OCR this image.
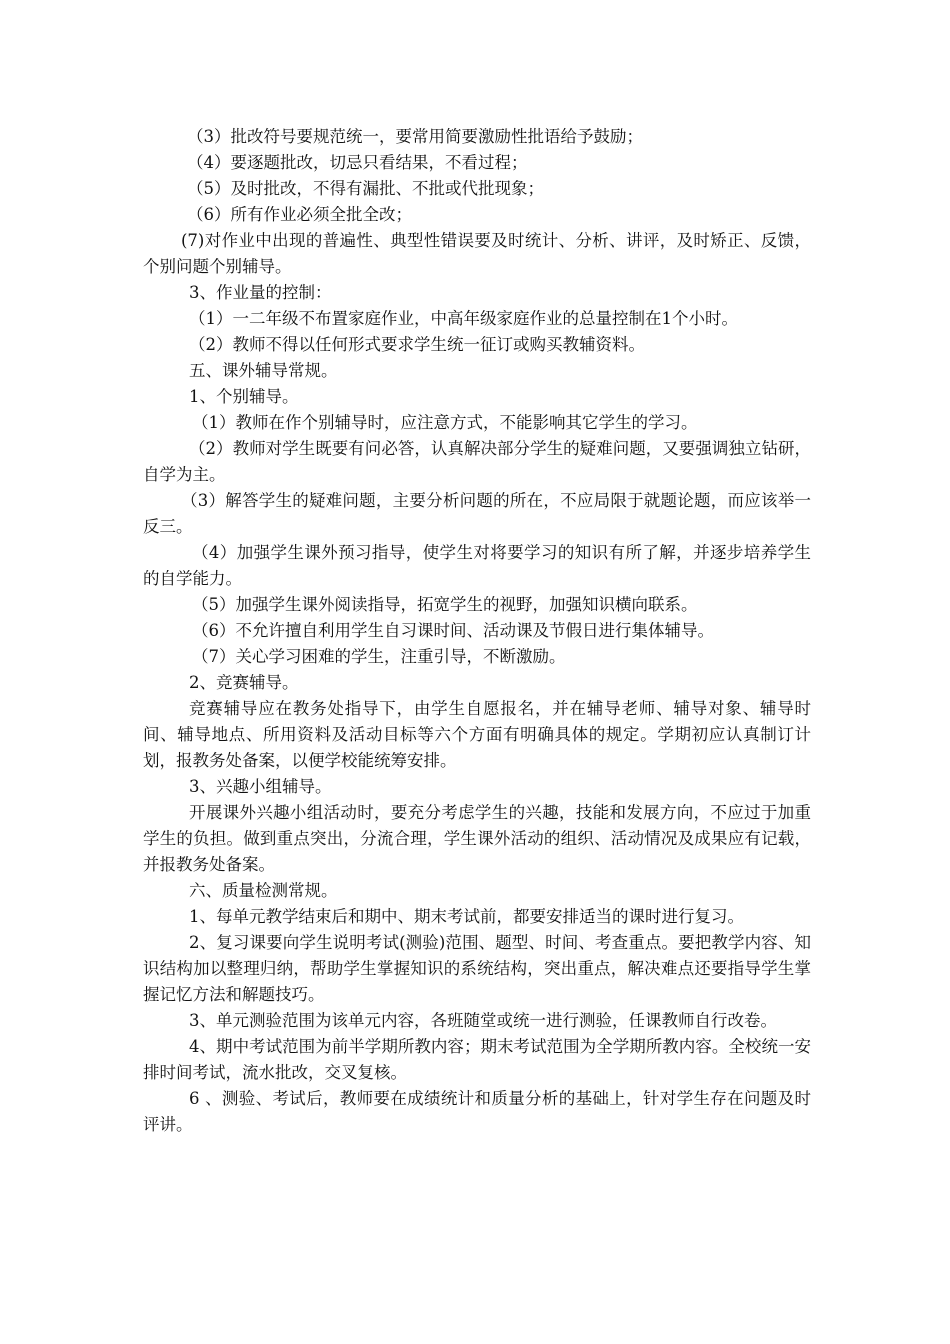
（3）批改符号要规范统一，要常用简要激励性批语给予鼓励；

（4）要逐题批改，切忌只看结果，不看过程；

（5）及时批改，不得有漏批、不批或代批现象；

（6）所有作业必须全批全改；

(7)对作业中出现的普遍性、典型性错误要及时统计、分析、讲评，及时矫正、反馈，个别问题个别辅导。

3、作业量的控制：

（1）一二年级不布置家庭作业，中高年级家庭作业的总量控制在1个小时。

（2）教师不得以任何形式要求学生统一征订或购买教辅资料。

五、课外辅导常规。

1、个别辅导。

（1）教师在作个别辅导时，应注意方式，不能影响其它学生的学习。

（2）教师对学生既要有问必答，认真解决部分学生的疑难问题，又要强调独立钻研，自学为主。

（3）解答学生的疑难问题，主要分析问题的所在，不应局限于就题论题，而应该举一反三。

（4）加强学生课外预习指导，使学生对将要学习的知识有所了解，并逐步培养学生的自学能力。

（5）加强学生课外阅读指导，拓宽学生的视野，加强知识横向联系。

（6）不允许擅自利用学生自习课时间、活动课及节假日进行集体辅导。

（7）关心学习困难的学生，注重引导，不断激励。

2、竞赛辅导。

竞赛辅导应在教务处指导下，由学生自愿报名，并在辅导老师、辅导对象、辅导时间、辅导地点、所用资料及活动目标等六个方面有明确具体的规定。学期初应认真制订计划，报教务处备案，以便学校能统筹安排。

3、兴趣小组辅导。

开展课外兴趣小组活动时，要充分考虑学生的兴趣，技能和发展方向，不应过于加重学生的负担。做到重点突出，分流合理，学生课外活动的组织、活动情况及成果应有记载，并报教务处备案。

六、质量检测常规。

1、每单元教学结束后和期中、期末考试前，都要安排适当的课时进行复习。

2、复习课要向学生说明考试(测验)范围、题型、时间、考查重点。要把教学内容、知识结构加以整理归纳，帮助学生掌握知识的系统结构，突出重点，解决难点还要指导学生掌握记忆方法和解题技巧。

3、单元测验范围为该单元内容，各班随堂或统一进行测验，任课教师自行改卷。

4、期中考试范围为前半学期所教内容；期末考试范围为全学期所教内容。全校统一安排时间考试，流水批改，交叉复核。

6 、测验、考试后，教师要在成绩统计和质量分析的基础上，针对学生存在问题及时评讲。
